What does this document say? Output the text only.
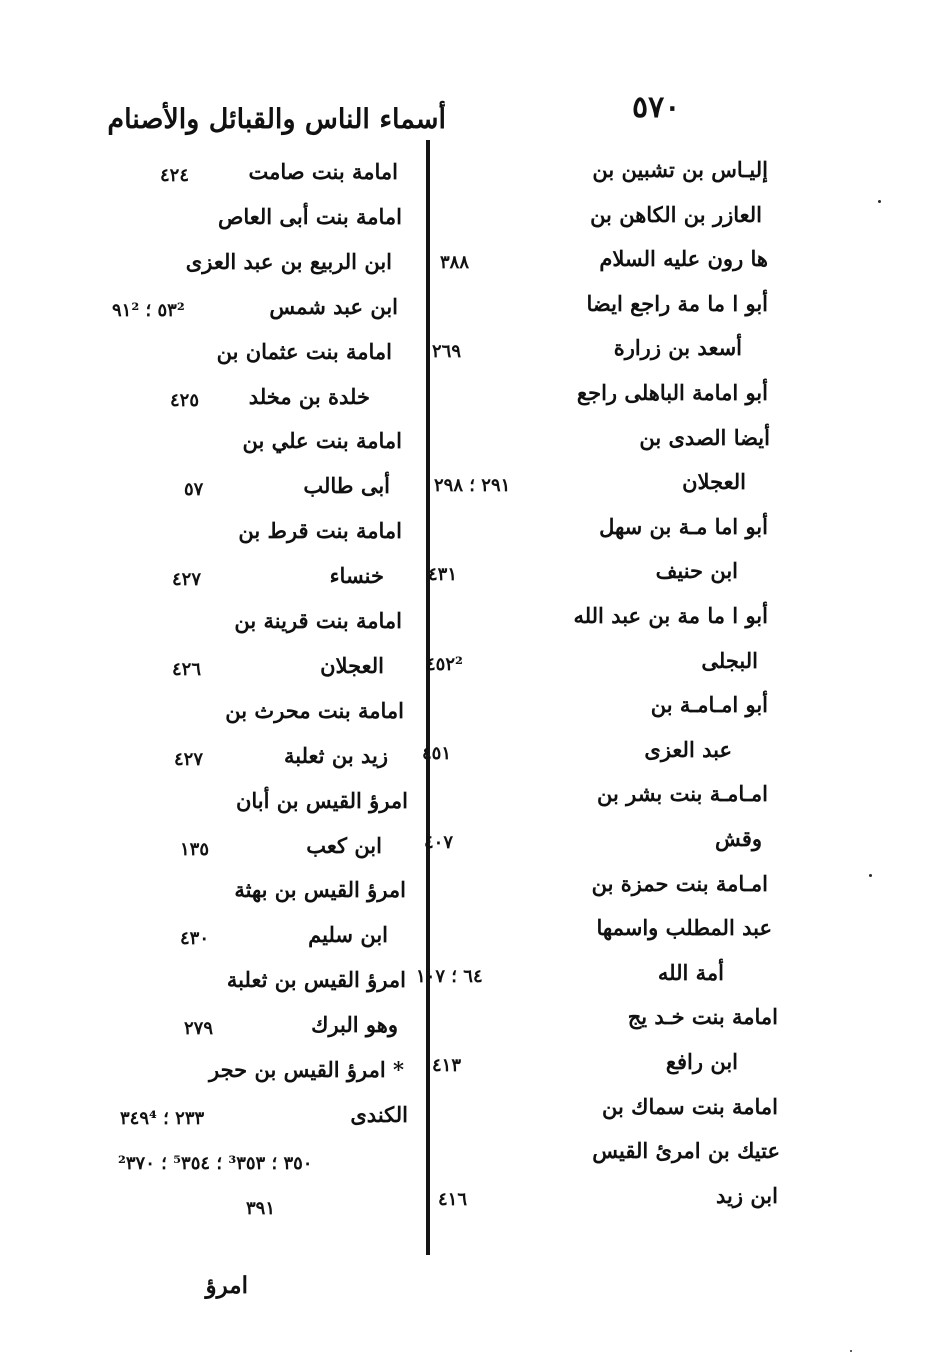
٥٧٠
أسماء الناس والقبائل والأصنام
إليـاس بن تشبين بن
العازر بن الكاهن بن
ها رون عليه السلام
٣٨٨
أبو ا ما مة راجع ايضا
أسعد بن زرارة
٢٦٩
أبو امامة الباهلى راجع
أيضا الصدى بن
العجلان
٢٩١ ؛ ٢٩٨
أبو اما مـة بن سهل
ابن حنيف
٤٣١
أبو ا ما مة بن عبد الله
البجلى
٤٥٢²
أبو امـامـة بن
عبد العزى
٤٥١
امـامـة بنت بشر بن
وقش
٤٠٧
امـامة بنت حمزة بن
عبد المطلب واسمها
أمة الله
٦٤ ؛ ١٠٧
امامة بنت خـد يج
ابن رافع
٤١٣
امامة بنت سماك بن
عتيك بن امرئ القيس
ابن زيد
٤١٦
امامة بنت صامت
٤٢٤
امامة بنت أبى العاص
ابن الربيع بن عبد العزى
ابن عبد شمس
٥٣² ؛ ٩١²
امامة بنت عثمان بن
خلدة بن مخلد
٤٢٥
امامة بنت علي بن
أبى طالب
٥٧
امامة بنت قرط بن
خنساء
٤٢٧
امامة بنت قرينة بن
العجلان
٤٢٦
امامة بنت محرث بن
زيد بن ثعلبة
٤٢٧
امرؤ القيس بن أبان
ابن كعب
١٣٥
امرؤ القيس بن بهثة
ابن سليم
٤٣٠
امرؤ القيس بن ثعلبة
وهو البرك
٢٧٩
* امرؤ القيس بن حجر
الكندى
٢٣٣ ؛ ٣٤٩⁴
٣٥٠ ؛ ³٣٥٣ ؛ ⁵٣٥٤ ؛ ²٣٧٠
٣٩١
امرؤ
